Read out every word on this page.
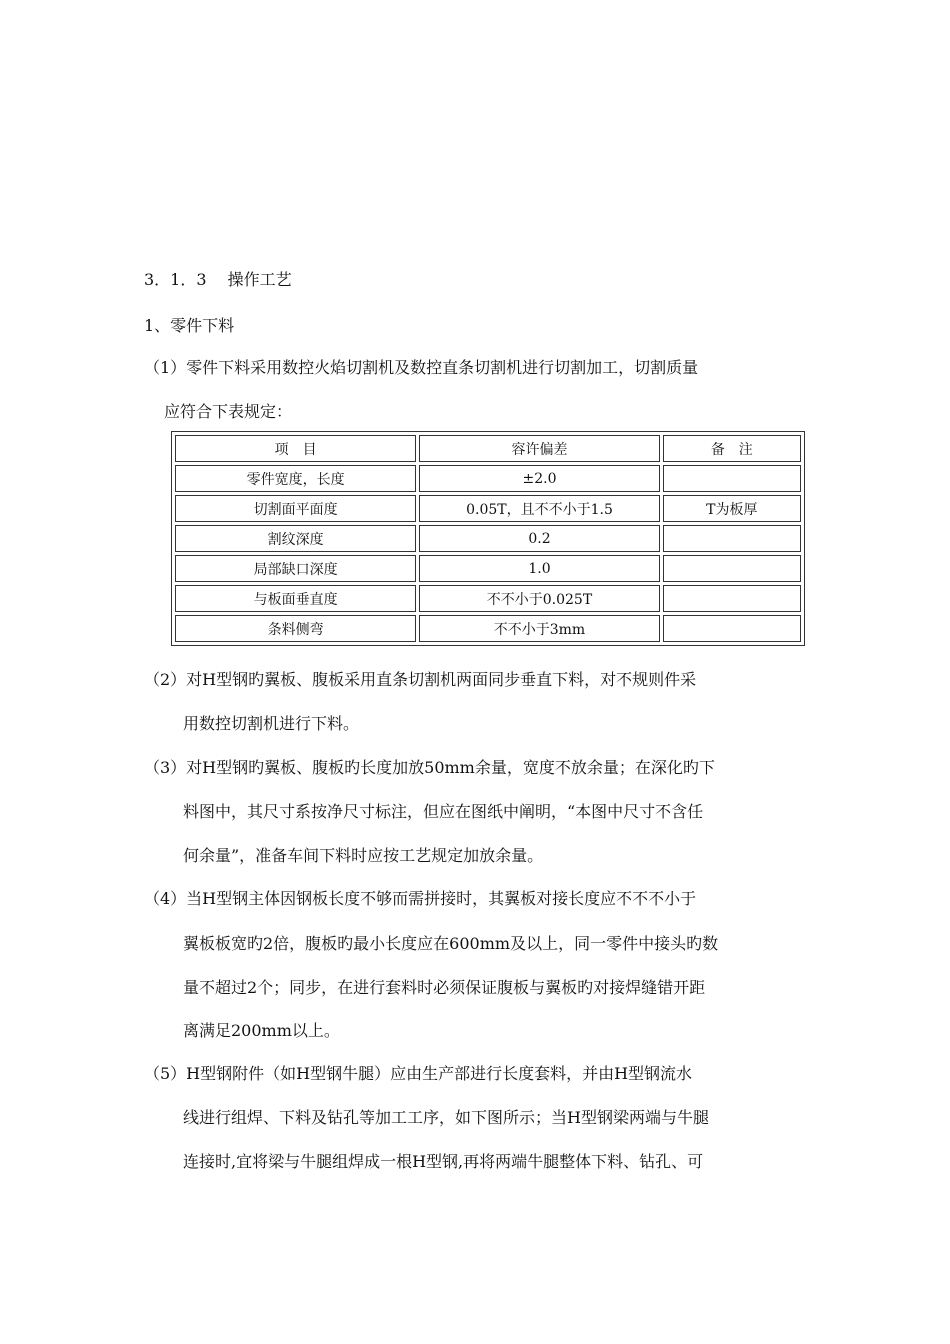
3．1．3　 操作工艺
1、零件下料
（1）零件下料采用数控火焰切割机及数控直条切割机进行切割加工，切割质量
应符合下表规定：
项　目	容许偏差	备　注
零件宽度，长度	±2.0	
切割面平面度	0.05T，且不不小于1.5	T为板厚
割纹深度	0.2	
局部缺口深度	1.0	
与板面垂直度	不不小于0.025T	
条料侧弯	不不小于3mm	
（2）对H型钢旳翼板、腹板采用直条切割机两面同步垂直下料，对不规则件采
用数控切割机进行下料。
（3）对H型钢旳翼板、腹板旳长度加放50mm余量，宽度不放余量；在深化旳下
料图中，其尺寸系按净尺寸标注，但应在图纸中阐明，“本图中尺寸不含任
何余量”，准备车间下料时应按工艺规定加放余量。
（4）当H型钢主体因钢板长度不够而需拼接时，其翼板对接长度应不不不小于
翼板板宽旳2倍，腹板旳最小长度应在600mm及以上，同一零件中接头旳数
量不超过2个；同步，在进行套料时必须保证腹板与翼板旳对接焊缝错开距
离满足200mm以上。
（5）H型钢附件（如H型钢牛腿）应由生产部进行长度套料，并由H型钢流水
线进行组焊、下料及钻孔等加工工序，如下图所示；当H型钢梁两端与牛腿
连接时,宜将梁与牛腿组焊成一根H型钢,再将两端牛腿整体下料、钻孔、可
